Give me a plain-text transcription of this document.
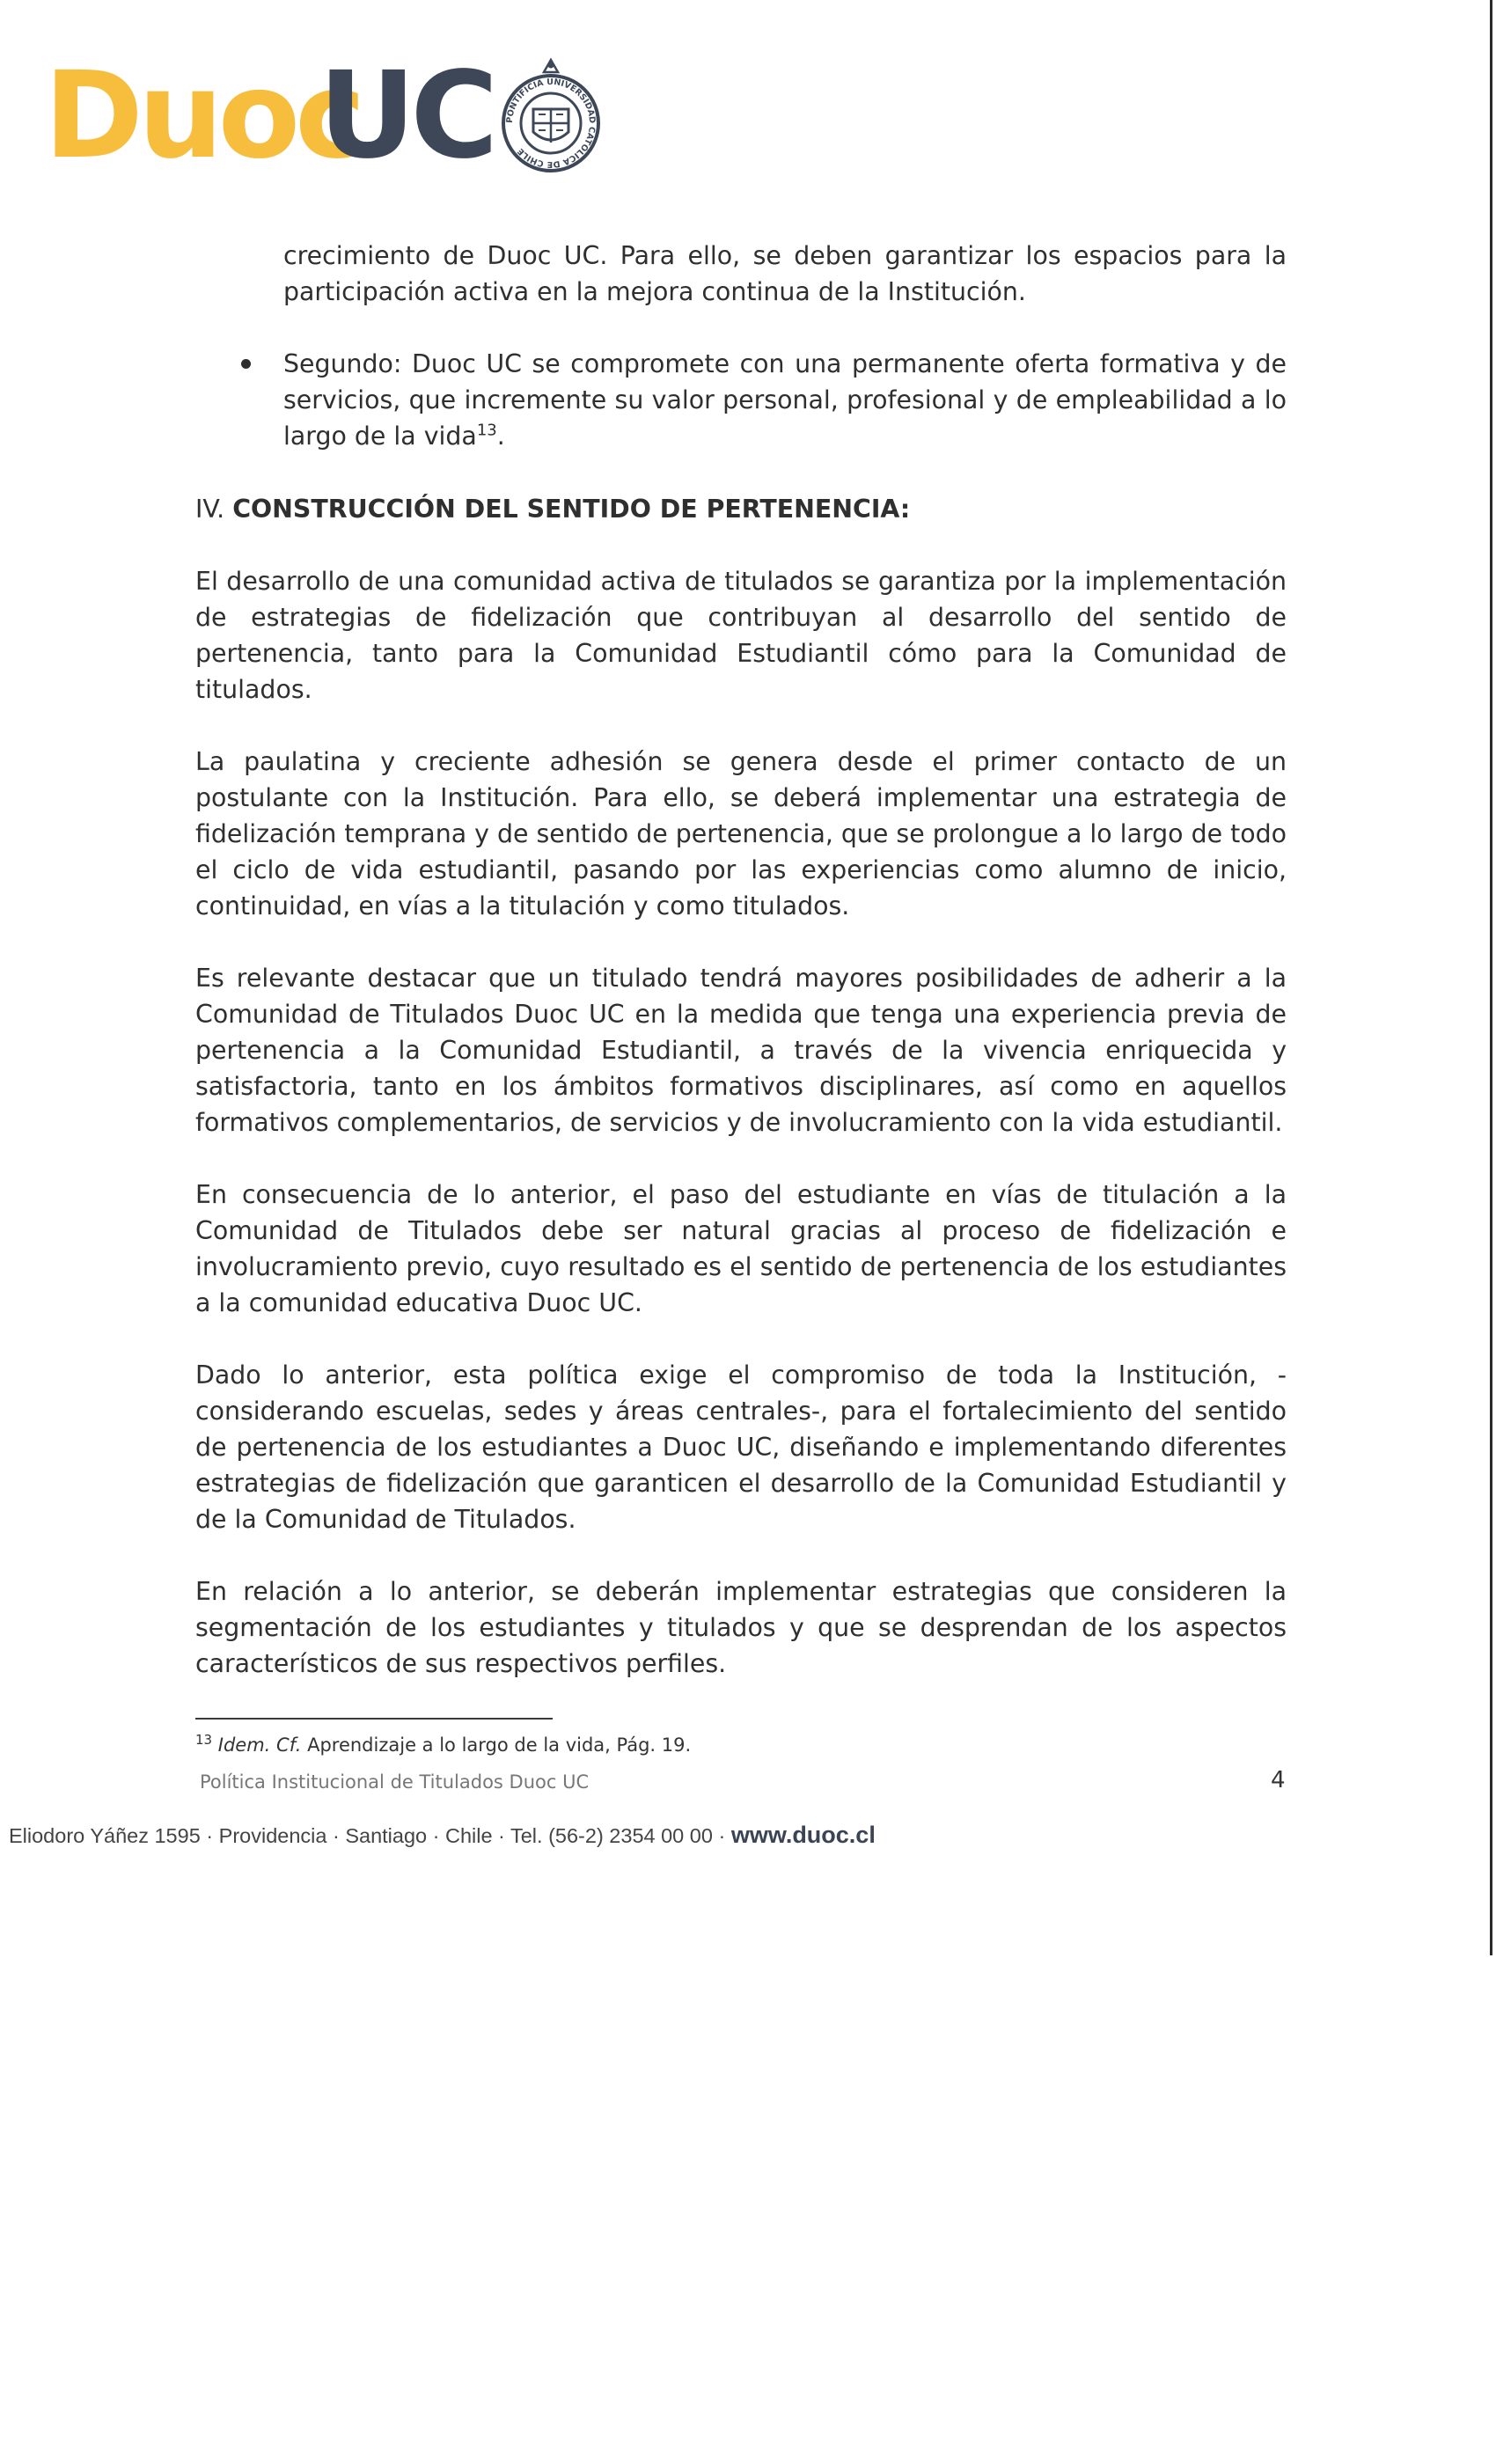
Duoc
UC PONTIFICIA UNIVERSIDAD CATÓLICA DE CHILE

crecimiento de Duoc UC. Para ello, se deben garantizar los espacios para la participación activa en la mejora continua de la Institución.

Segundo: Duoc UC se compromete con una permanente oferta formativa y de servicios, que incremente su valor personal, profesional y de empleabilidad a lo largo de la vida$^{13}$.

IV. CONSTRUCCIÓN DEL SENTIDO DE PERTENENCIA:

El desarrollo de una comunidad activa de titulados se garantiza por la implementación de estrategias de fidelización que contribuyan al desarrollo del sentido de pertenencia, tanto para la Comunidad Estudiantil cómo para la Comunidad de titulados.

La paulatina y creciente adhesión se genera desde el primer contacto de un postulante con la Institución. Para ello, se deberá implementar una estrategia de fidelización temprana y de sentido de pertenencia, que se prolongue a lo largo de todo el ciclo de vida estudiantil, pasando por las experiencias como alumno de inicio, continuidad, en vías a la titulación y como titulados.

Es relevante destacar que un titulado tendrá mayores posibilidades de adherir a la Comunidad de Titulados Duoc UC en la medida que tenga una experiencia previa de pertenencia a la Comunidad Estudiantil, a través de la vivencia enriquecida y satisfactoria, tanto en los ámbitos formativos disciplinares, así como en aquellos formativos complementarios, de servicios y de involucramiento con la vida estudiantil.

En consecuencia de lo anterior, el paso del estudiante en vías de titulación a la Comunidad de Titulados debe ser natural gracias al proceso de fidelización e involucramiento previo, cuyo resultado es el sentido de pertenencia de los estudiantes a la comunidad educativa Duoc UC.

Dado lo anterior, esta política exige el compromiso de toda la Institución, -considerando escuelas, sedes y áreas centrales-, para el fortalecimiento del sentido de pertenencia de los estudiantes a Duoc UC, diseñando e implementando diferentes estrategias de fidelización que garanticen el desarrollo de la Comunidad Estudiantil y de la Comunidad de Titulados.

En relación a lo anterior, se deberán implementar estrategias que consideren la segmentación de los estudiantes y titulados y que se desprendan de los aspectos característicos de sus respectivos perfiles.

$^{13}$ Idem. Cf. Aprendizaje a lo largo de la vida, Pág. 19.
Política Institucional de Titulados Duoc UC	4
Eliodoro Yáñez 1595 · Providencia · Santiago · Chile · Tel. (56-2) 2354 00 00 · www.duoc.cl
